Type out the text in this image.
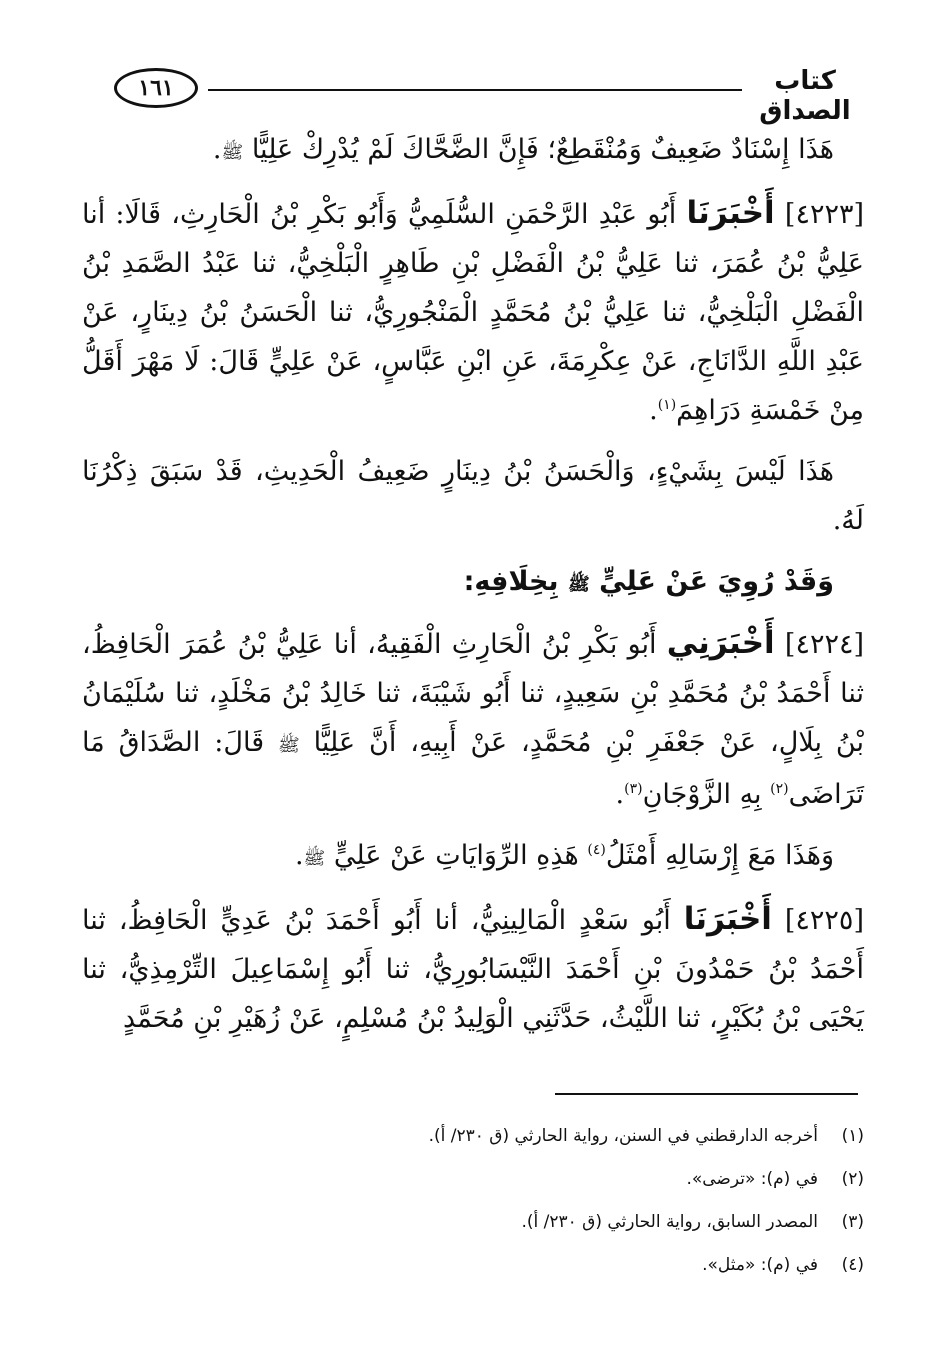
١٦١	كتاب الصداق

هَذَا إِسْنَادٌ ضَعِيفٌ وَمُنْقَطِعٌ؛ فَإِنَّ الضَّحَّاكَ لَمْ يُدْرِكْ عَلِيًّا ﷺ.

[٤٢٢٣] أَخْبَرَنَا أَبُو عَبْدِ الرَّحْمَنِ السُّلَمِيُّ وَأَبُو بَكْرِ بْنُ الْحَارِثِ، قَالَا: أنا عَلِيُّ بْنُ عُمَرَ، ثنا عَلِيُّ بْنُ الْفَضْلِ بْنِ طَاهِرٍ الْبَلْخِيُّ، ثنا عَبْدُ الصَّمَدِ بْنُ الْفَضْلِ الْبَلْخِيُّ، ثنا عَلِيُّ بْنُ مُحَمَّدٍ الْمَنْجُورِيُّ، ثنا الْحَسَنُ بْنُ دِينَارٍ، عَنْ عَبْدِ اللَّهِ الدَّانَاجِ، عَنْ عِكْرِمَةَ، عَنِ ابْنِ عَبَّاسٍ، عَنْ عَلِيٍّ قَالَ: لَا مَهْرَ أَقَلُّ مِنْ خَمْسَةِ دَرَاهِمَ$^{(١)}$.

هَذَا لَيْسَ بِشَيْءٍ، وَالْحَسَنُ بْنُ دِينَارٍ ضَعِيفُ الْحَدِيثِ، قَدْ سَبَقَ ذِكْرُنَا لَهُ.

وَقَدْ رُوِيَ عَنْ عَلِيٍّ ﷺ بِخِلَافِهِ:

[٤٢٢٤] أَخْبَرَنِي أَبُو بَكْرِ بْنُ الْحَارِثِ الْفَقِيهُ، أنا عَلِيُّ بْنُ عُمَرَ الْحَافِظُ، ثنا أَحْمَدُ بْنُ مُحَمَّدِ بْنِ سَعِيدٍ، ثنا أَبُو شَيْبَةَ، ثنا خَالِدُ بْنُ مَخْلَدٍ، ثنا سُلَيْمَانُ بْنُ بِلَالٍ، عَنْ جَعْفَرِ بْنِ مُحَمَّدٍ، عَنْ أَبِيهِ، أَنَّ عَلِيًّا ﷺ قَالَ: الصَّدَاقُ مَا تَرَاضَى$^{(٢)}$ بِهِ الزَّوْجَانِ$^{(٣)}$.

وَهَذَا مَعَ إِرْسَالِهِ أَمْثَلُ$^{(٤)}$ هَذِهِ الرِّوَايَاتِ عَنْ عَلِيٍّ ﷺ.

[٤٢٢٥] أَخْبَرَنَا أَبُو سَعْدٍ الْمَالِينِيُّ، أنا أَبُو أَحْمَدَ بْنُ عَدِيٍّ الْحَافِظُ، ثنا أَحْمَدُ بْنُ حَمْدُونَ بْنِ أَحْمَدَ النَّيْسَابُورِيُّ، ثنا أَبُو إِسْمَاعِيلَ التِّرْمِذِيُّ، ثنا يَحْيَى بْنُ بُكَيْرٍ، ثنا اللَّيْثُ، حَدَّثَنِي الْوَلِيدُ بْنُ مُسْلِمٍ، عَنْ زُهَيْرِ بْنِ مُحَمَّدٍ

(١)
أخرجه الدارقطني في السنن، رواية الحارثي (ق ٢٣٠/ أ).
(٢)
في (م): «ترضى».
(٣)
المصدر السابق، رواية الحارثي (ق ٢٣٠/ أ).
(٤)
في (م): «مثل».
